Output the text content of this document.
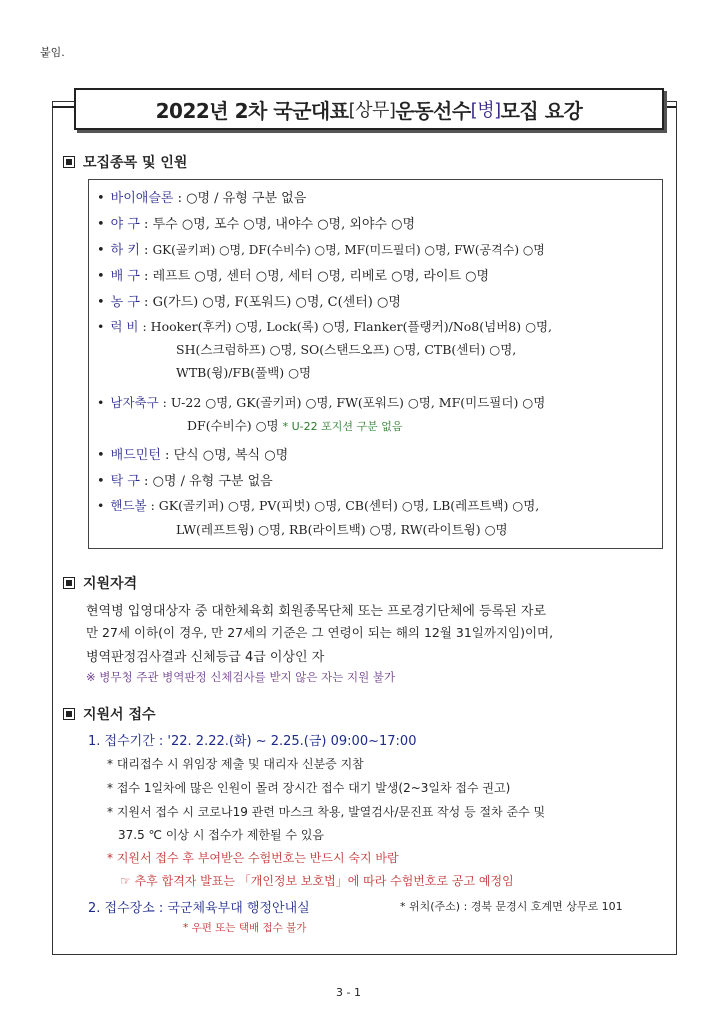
붙임.
2022년 2차 국군대표 [상무] 운동선수 [병] 모집 요강
모집종목 및 인원
• 바이애슬론 : ○명 / 유형 구분 없음
• 야 구 : 투수 ○명, 포수 ○명, 내야수 ○명, 외야수 ○명
• 하 키 : GK(골키퍼) ○명, DF(수비수) ○명, MF(미드필더) ○명, FW(공격수) ○명
• 배 구 : 레프트 ○명, 센터 ○명, 세터 ○명, 리베로 ○명, 라이트 ○명
• 농 구 : G(가드) ○명, F(포워드) ○명, C(센터) ○명
• 럭 비 : Hooker(후커) ○명, Lock(록) ○명, Flanker(플랭커)/No8(넘버8) ○명,
SH(스크럼하프) ○명, SO(스탠드오프) ○명, CTB(센터) ○명,
WTB(윙)/FB(풀백) ○명
• 남자축구 : U-22 ○명, GK(골키퍼) ○명, FW(포워드) ○명, MF(미드필더) ○명
DF(수비수) ○명 * U-22 포지션 구분 없음
• 배드민턴 : 단식 ○명, 복식 ○명
• 탁 구 : ○명 / 유형 구분 없음
• 핸드볼 : GK(골키퍼) ○명, PV(피벗) ○명, CB(센터) ○명, LB(레프트백) ○명,
LW(레프트윙) ○명, RB(라이트백) ○명, RW(라이트윙) ○명
지원자격
현역병 입영대상자 중 대한체육회 회원종목단체 또는 프로경기단체에 등록된 자로
만 27세 이하(이 경우, 만 27세의 기준은 그 연령이 되는 해의 12월 31일까지임)이며,
병역판정검사결과 신체등급 4급 이상인 자
※ 병무청 주관 병역판정 신체검사를 받지 않은 자는 지원 불가
지원서 접수
1. 접수기간 : '22. 2.22.(화) ~ 2.25.(금) 09:00~17:00
* 대리접수 시 위임장 제출 및 대리자 신분증 지참
* 접수 1일차에 많은 인원이 몰려 장시간 접수 대기 발생(2~3일차 접수 권고)
* 지원서 접수 시 코로나19 관련 마스크 착용, 발열검사/문진표 작성 등 절차 준수 및
37.5 ℃ 이상 시 접수가 제한될 수 있음
* 지원서 접수 후 부여받은 수험번호는 반드시 숙지 바람
☞ 추후 합격자 발표는 「개인정보 보호법」에 따라 수험번호로 공고 예정임
2. 접수장소 : 국군체육부대 행정안내실	* 위치(주소) : 경북 문경시 호계면 상무로 101
* 우편 또는 택배 접수 불가
3 - 1
